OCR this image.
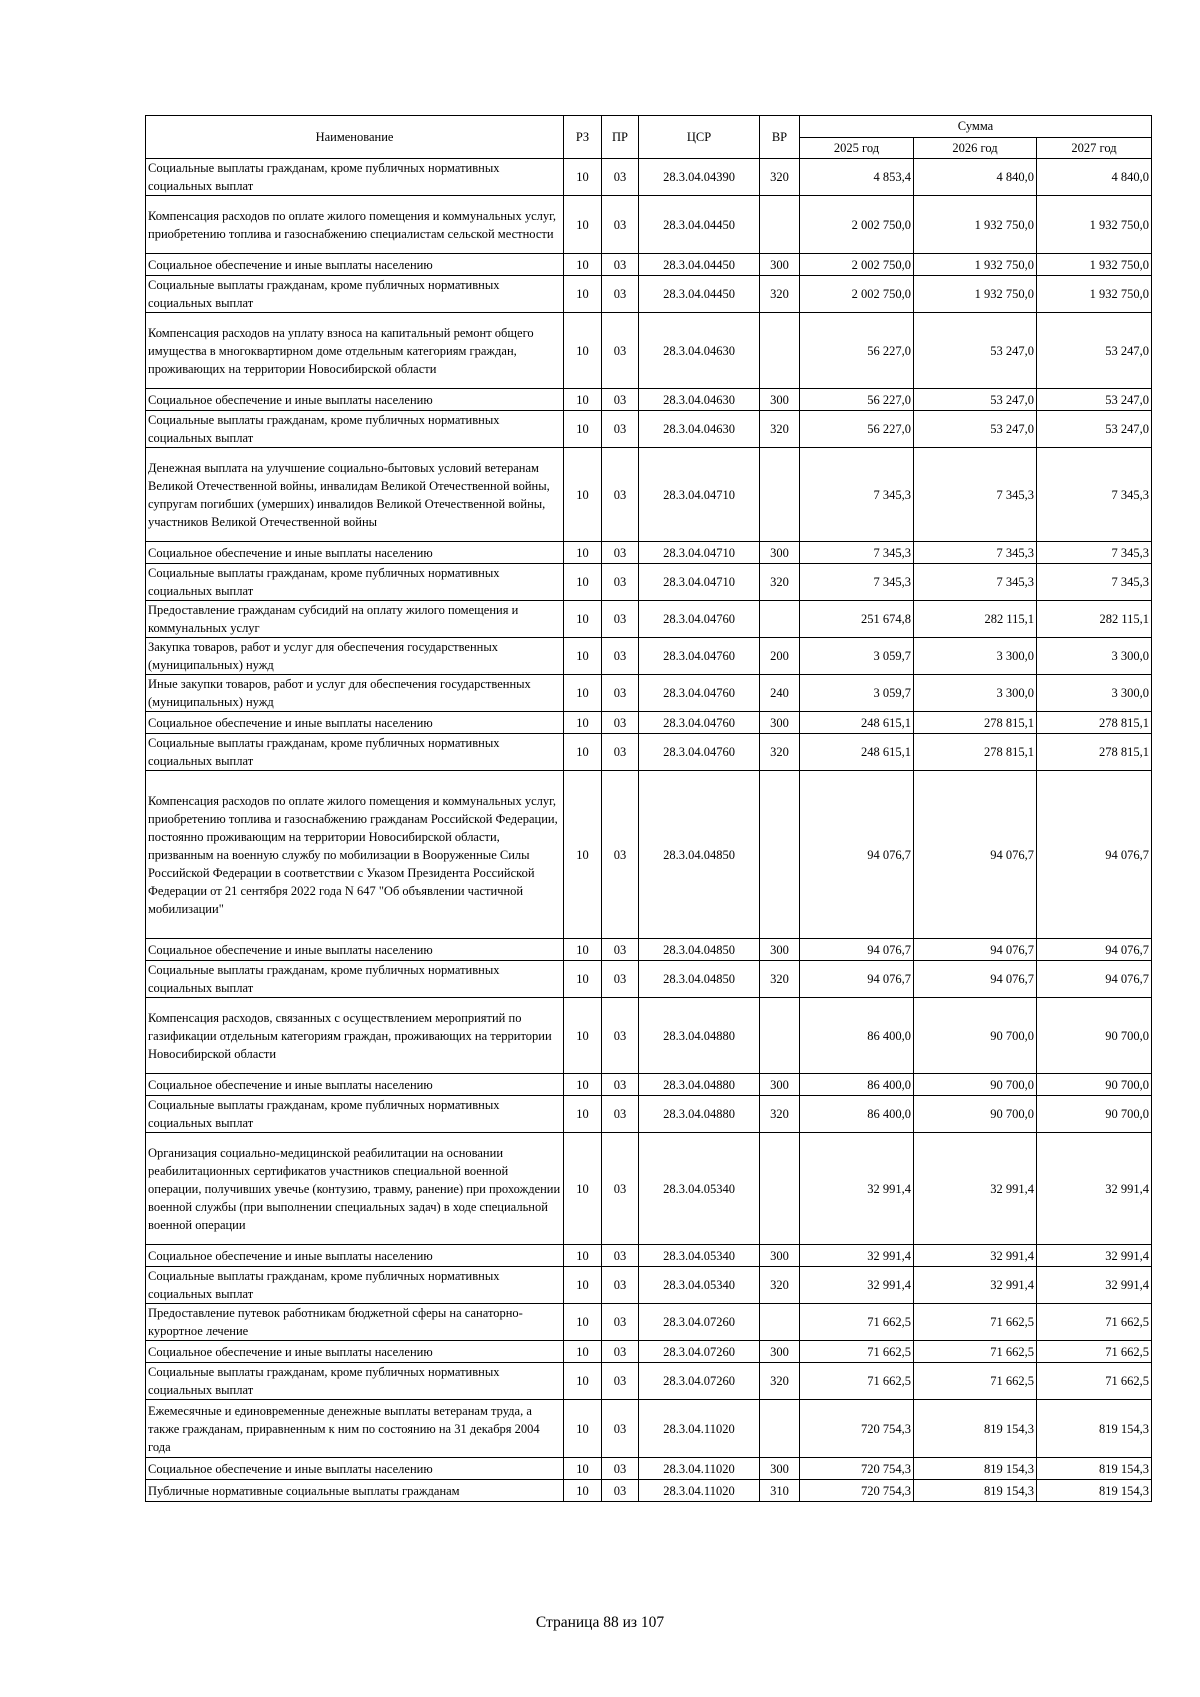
Наименование	РЗ	ПР	ЦСР	ВР	Сумма		
					2025 год	2026 год	2027 год
Социальные выплаты гражданам, кроме публичных нормативных социальных выплат	10	03	28.3.04.04390	320	4 853,4	4 840,0	4 840,0
Компенсация расходов по оплате жилого помещения и коммунальных услуг, приобретению топлива и газоснабжению специалистам сельской местности	10	03	28.3.04.04450		2 002 750,0	1 932 750,0	1 932 750,0
Социальное обеспечение и иные выплаты населению	10	03	28.3.04.04450	300	2 002 750,0	1 932 750,0	1 932 750,0
Социальные выплаты гражданам, кроме публичных нормативных социальных выплат	10	03	28.3.04.04450	320	2 002 750,0	1 932 750,0	1 932 750,0
Компенсация расходов на уплату взноса на капитальный ремонт общего имущества в многоквартирном доме отдельным категориям граждан, проживающих на территории Новосибирской области	10	03	28.3.04.04630		56 227,0	53 247,0	53 247,0
Социальное обеспечение и иные выплаты населению	10	03	28.3.04.04630	300	56 227,0	53 247,0	53 247,0
Социальные выплаты гражданам, кроме публичных нормативных социальных выплат	10	03	28.3.04.04630	320	56 227,0	53 247,0	53 247,0
Денежная выплата на улучшение социально-бытовых условий ветеранам Великой Отечественной войны, инвалидам Великой Отечественной войны, супругам погибших (умерших) инвалидов Великой Отечественной войны, участников Великой Отечественной войны	10	03	28.3.04.04710		7 345,3	7 345,3	7 345,3
Социальное обеспечение и иные выплаты населению	10	03	28.3.04.04710	300	7 345,3	7 345,3	7 345,3
Социальные выплаты гражданам, кроме публичных нормативных социальных выплат	10	03	28.3.04.04710	320	7 345,3	7 345,3	7 345,3
Предоставление гражданам субсидий на оплату жилого помещения и коммунальных услуг	10	03	28.3.04.04760		251 674,8	282 115,1	282 115,1
Закупка товаров, работ и услуг для обеспечения государственных (муниципальных) нужд	10	03	28.3.04.04760	200	3 059,7	3 300,0	3 300,0
Иные закупки товаров, работ и услуг для обеспечения государственных (муниципальных) нужд	10	03	28.3.04.04760	240	3 059,7	3 300,0	3 300,0
Социальное обеспечение и иные выплаты населению	10	03	28.3.04.04760	300	248 615,1	278 815,1	278 815,1
Социальные выплаты гражданам, кроме публичных нормативных социальных выплат	10	03	28.3.04.04760	320	248 615,1	278 815,1	278 815,1
Компенсация расходов по оплате жилого помещения и коммунальных услуг, приобретению топлива и газоснабжению гражданам Российской Федерации, постоянно проживающим на территории Новосибирской области, призванным на военную службу по мобилизации в Вооруженные Силы Российской Федерации в соответствии с Указом Президента Российской Федерации от 21 сентября 2022 года N 647 "Об объявлении частичной мобилизации"	10	03	28.3.04.04850		94 076,7	94 076,7	94 076,7
Социальное обеспечение и иные выплаты населению	10	03	28.3.04.04850	300	94 076,7	94 076,7	94 076,7
Социальные выплаты гражданам, кроме публичных нормативных социальных выплат	10	03	28.3.04.04850	320	94 076,7	94 076,7	94 076,7
Компенсация расходов, связанных с осуществлением мероприятий по газификации отдельным категориям граждан, проживающих на территории Новосибирской области	10	03	28.3.04.04880		86 400,0	90 700,0	90 700,0
Социальное обеспечение и иные выплаты населению	10	03	28.3.04.04880	300	86 400,0	90 700,0	90 700,0
Социальные выплаты гражданам, кроме публичных нормативных социальных выплат	10	03	28.3.04.04880	320	86 400,0	90 700,0	90 700,0
Организация социально-медицинской реабилитации на основании реабилитационных сертификатов участников специальной военной операции, получивших увечье (контузию, травму, ранение) при прохождении военной службы (при выполнении специальных задач) в ходе специальной военной операции	10	03	28.3.04.05340		32 991,4	32 991,4	32 991,4
Социальное обеспечение и иные выплаты населению	10	03	28.3.04.05340	300	32 991,4	32 991,4	32 991,4
Социальные выплаты гражданам, кроме публичных нормативных социальных выплат	10	03	28.3.04.05340	320	32 991,4	32 991,4	32 991,4
Предоставление путевок работникам бюджетной сферы на санаторно-курортное лечение	10	03	28.3.04.07260		71 662,5	71 662,5	71 662,5
Социальное обеспечение и иные выплаты населению	10	03	28.3.04.07260	300	71 662,5	71 662,5	71 662,5
Социальные выплаты гражданам, кроме публичных нормативных социальных выплат	10	03	28.3.04.07260	320	71 662,5	71 662,5	71 662,5
Ежемесячные и единовременные денежные выплаты ветеранам труда, а также гражданам, приравненным к ним по состоянию на 31 декабря 2004 года	10	03	28.3.04.11020		720 754,3	819 154,3	819 154,3
Социальное обеспечение и иные выплаты населению	10	03	28.3.04.11020	300	720 754,3	819 154,3	819 154,3
Публичные нормативные социальные выплаты гражданам	10	03	28.3.04.11020	310	720 754,3	819 154,3	819 154,3
Страница 88 из 107
